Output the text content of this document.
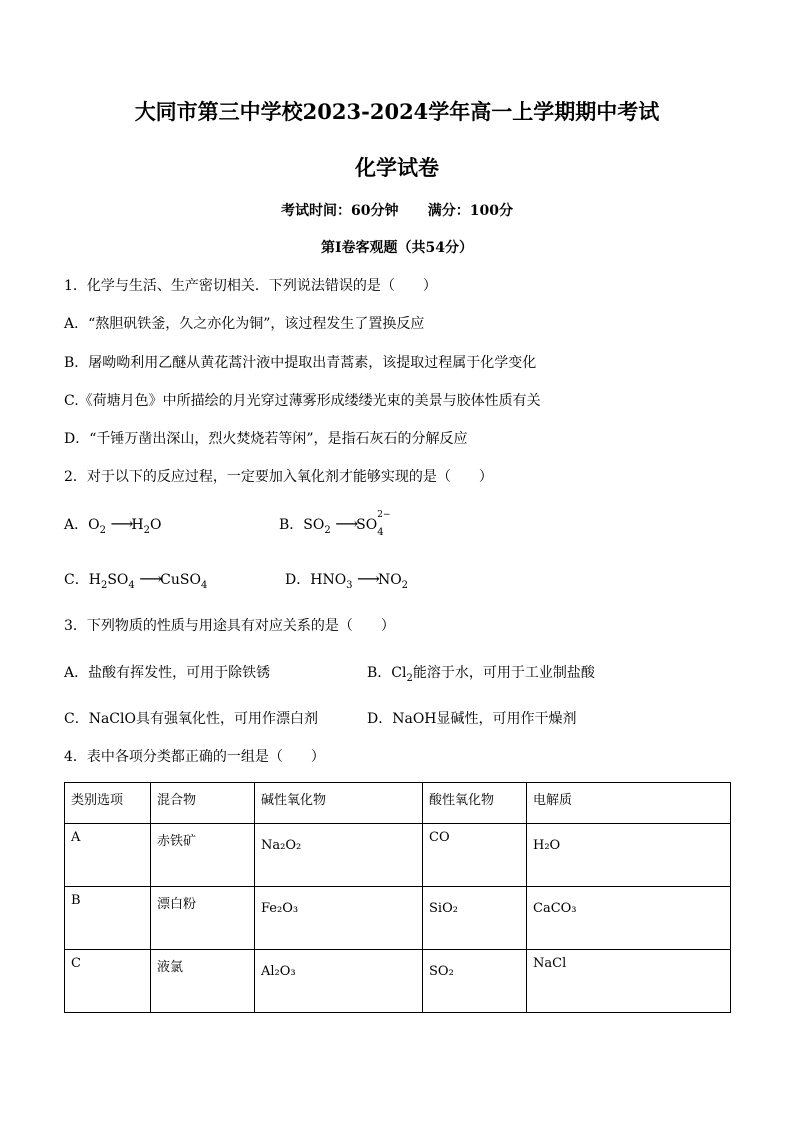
大同市第三中学校2023-2024学年高一上学期期中考试
化学试卷
考试时间：60分钟      满分：100分
第Ⅰ卷客观题（共54分）
1．化学与生活、生产密切相关．下列说法错误的是（　　）
A．“熬胆矾铁釜，久之亦化为铜”，该过程发生了置换反应
B．屠呦呦利用乙醚从黄花蒿汁液中提取出青蒿素，该提取过程属于化学变化
C.《荷塘月色》中所描绘的月光穿过薄雾形成缕缕光束的美景与胶体性质有关
D．“千锤万凿出深山，烈火焚烧若等闲”，是指石灰石的分解反应
2．对于以下的反应过程，一定要加入氧化剂才能够实现的是（　　）
A．$O_2$ $⟶H_2O$	B．$SO_2$ ⟶SO
2−
4
C．$H_2SO_4$ ⟶CuSO$_4$	D．$HNO_3$ $⟶NO_2$
3．下列物质的性质与用途具有对应关系的是（　　）
A．盐酸有挥发性，可用于除铁锈	B．$Cl_2$能溶于水，可用于工业制盐酸
C．NaClO具有强氧化性，可用作漂白剂	D．NaOH显碱性，可用作干燥剂
4．表中各项分类都正确的一组是（　　）
类别选项	混合物	碱性氧化物	酸性氧化物	电解质
A	赤铁矿	Na₂O₂	CO	H₂O
B	漂白粉	Fe₂O₃	SiO₂	CaCO₃
C	液氯	Al₂O₃	SO₂	NaCl
